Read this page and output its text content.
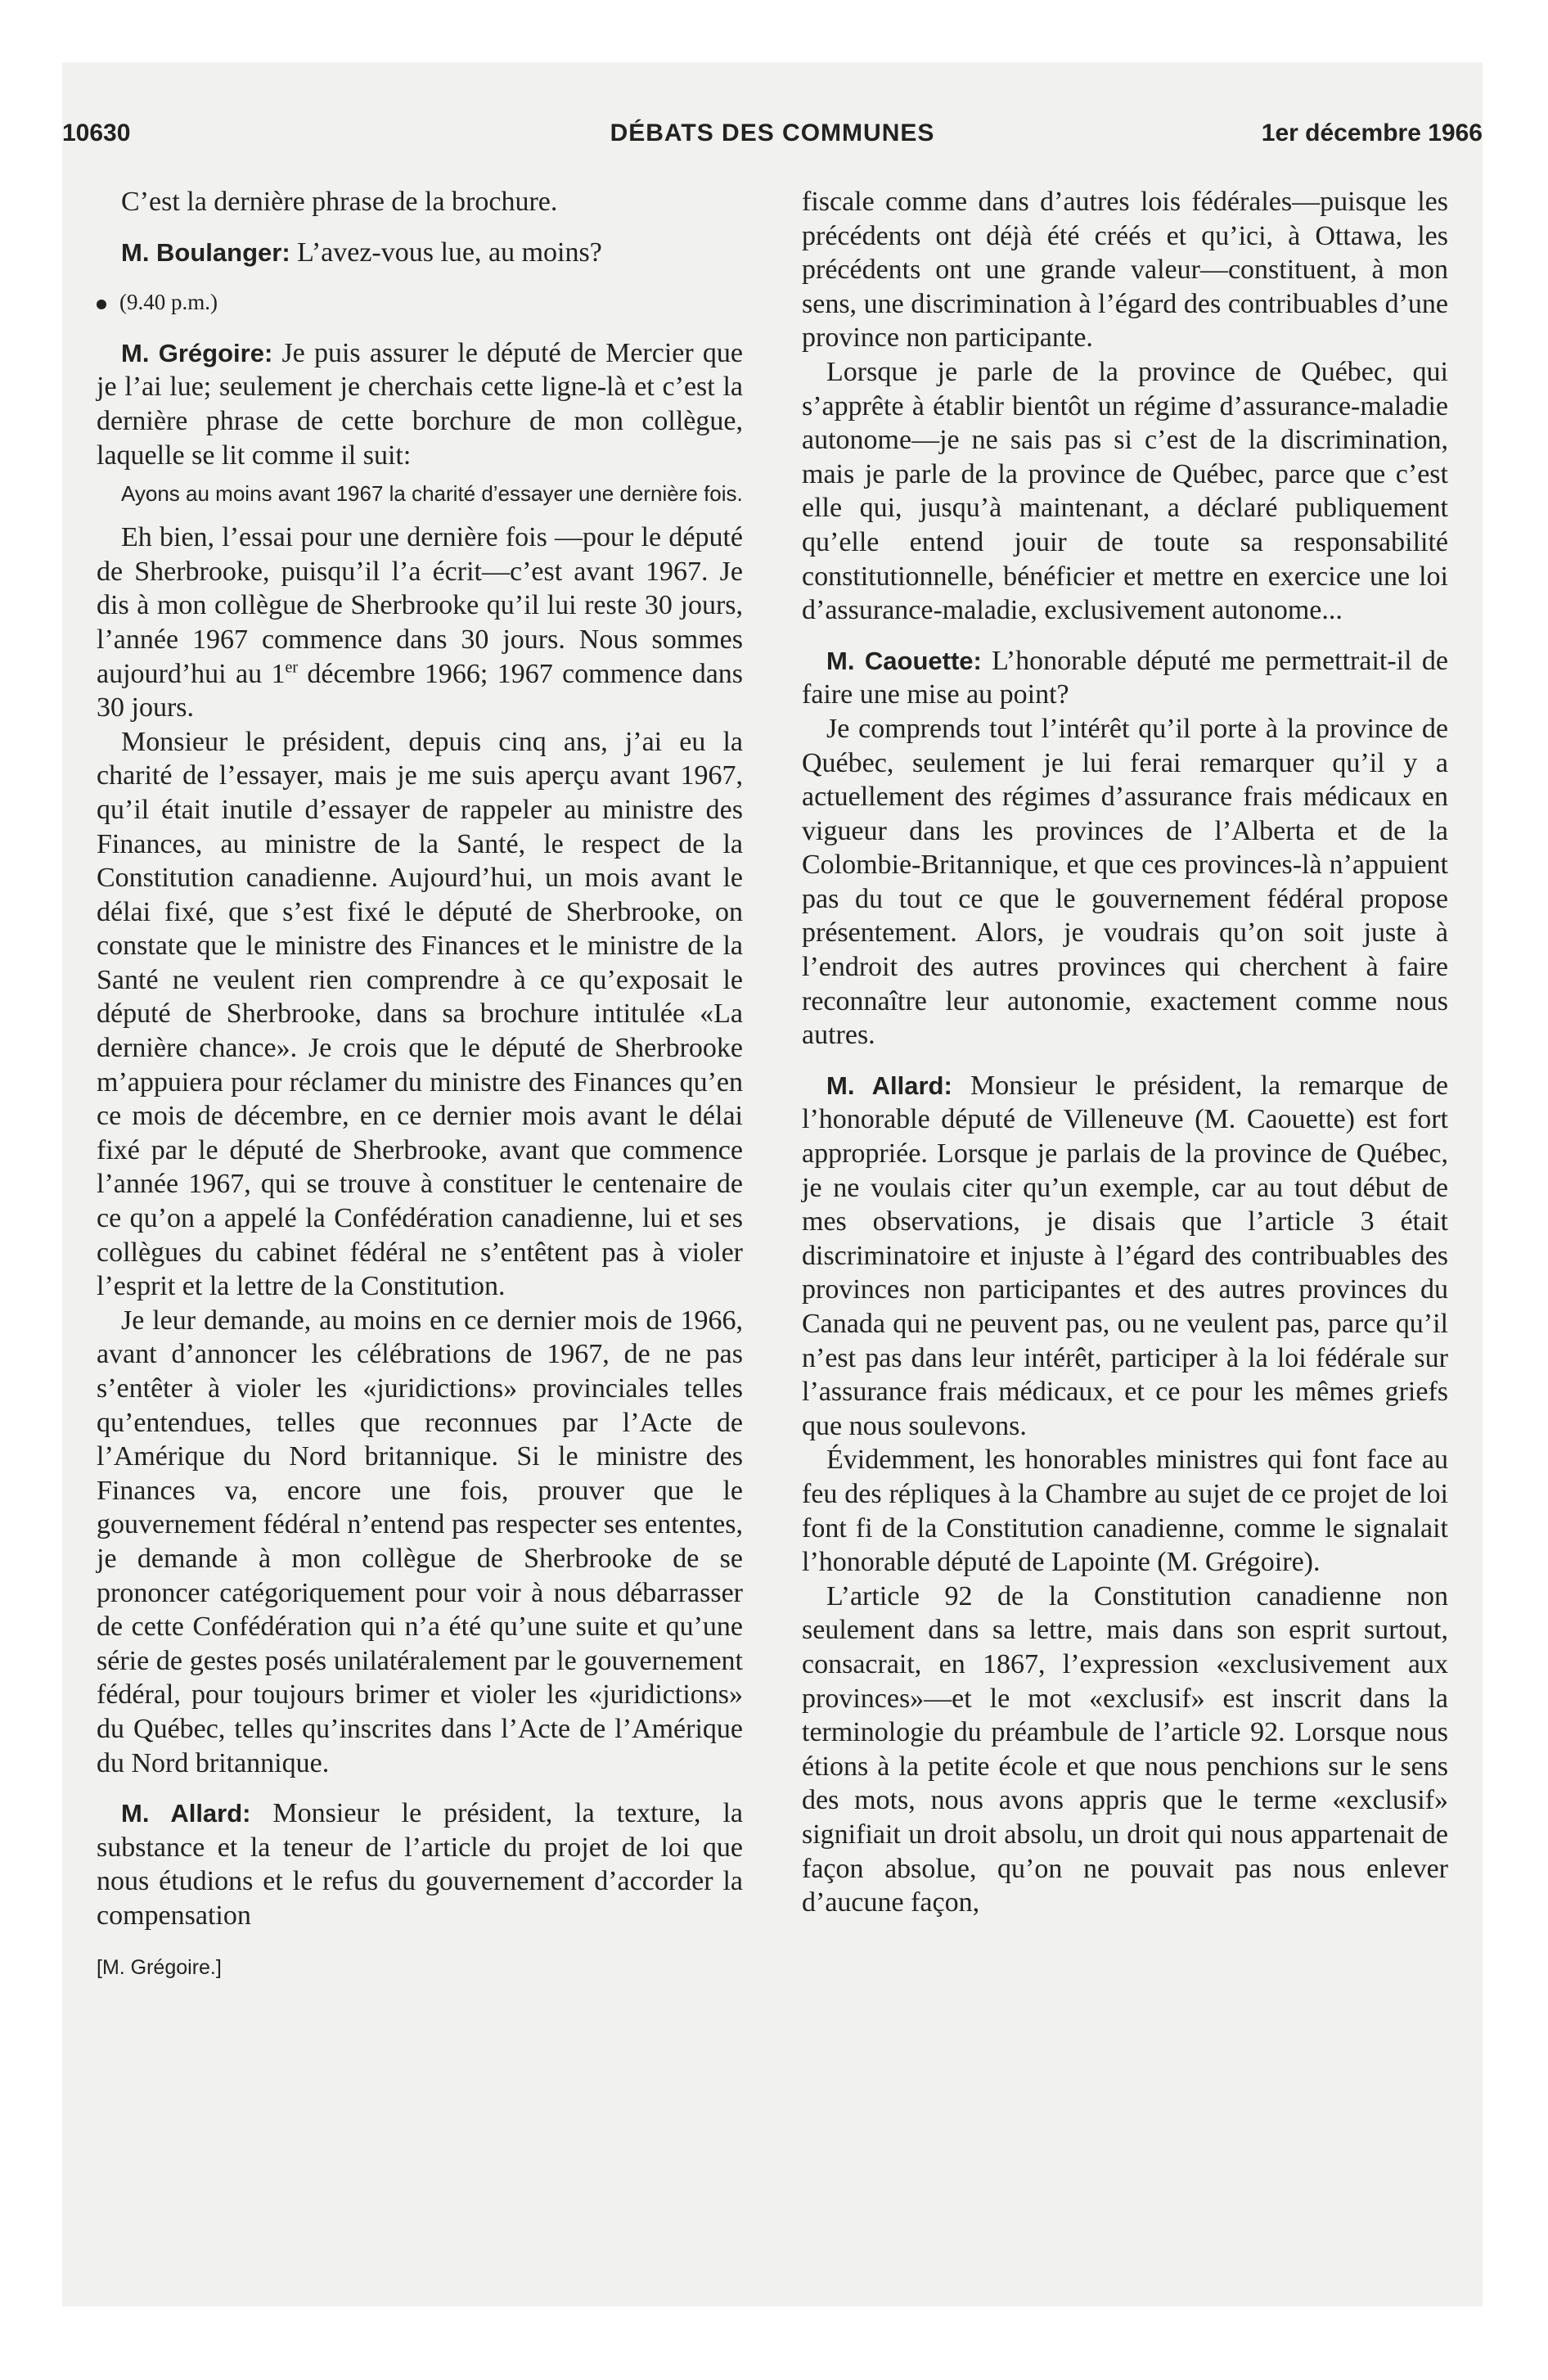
10630	DÉBATS DES COMMUNES	1er décembre 1966

C’est la dernière phrase de la brochure.

M. Boulanger: L’avez-vous lue, au moins?

(9.40 p.m.)

M. Grégoire: Je puis assurer le député de Mercier que je l’ai lue; seulement je cherchais cette ligne-là et c’est la dernière phrase de cette borchure de mon collègue, laquelle se lit comme il suit:

Ayons au moins avant 1967 la charité d’essayer une dernière fois.

Eh bien, l’essai pour une dernière fois —pour le député de Sherbrooke, puisqu’il l’a écrit—c’est avant 1967. Je dis à mon collègue de Sherbrooke qu’il lui reste 30 jours, l’année 1967 commence dans 30 jours. Nous sommes aujourd’hui au 1er décembre 1966; 1967 commence dans 30 jours.

Monsieur le président, depuis cinq ans, j’ai eu la charité de l’essayer, mais je me suis aperçu avant 1967, qu’il était inutile d’essayer de rappeler au ministre des Finances, au ministre de la Santé, le respect de la Constitution canadienne. Aujourd’hui, un mois avant le délai fixé, que s’est fixé le député de Sherbrooke, on constate que le ministre des Finances et le ministre de la Santé ne veulent rien comprendre à ce qu’exposait le député de Sherbrooke, dans sa brochure intitulée «La dernière chance». Je crois que le député de Sherbrooke m’appuiera pour réclamer du ministre des Finances qu’en ce mois de décembre, en ce dernier mois avant le délai fixé par le député de Sherbrooke, avant que commence l’année 1967, qui se trouve à constituer le centenaire de ce qu’on a appelé la Confédération canadienne, lui et ses collègues du cabinet fédéral ne s’entêtent pas à violer l’esprit et la lettre de la Constitution.

Je leur demande, au moins en ce dernier mois de 1966, avant d’annoncer les célébrations de 1967, de ne pas s’entêter à violer les «juridictions» provinciales telles qu’entendues, telles que reconnues par l’Acte de l’Amérique du Nord britannique. Si le ministre des Finances va, encore une fois, prouver que le gouvernement fédéral n’entend pas respecter ses ententes, je demande à mon collègue de Sherbrooke de se prononcer catégoriquement pour voir à nous débarrasser de cette Confédération qui n’a été qu’une suite et qu’une série de gestes posés unilatéralement par le gouvernement fédéral, pour toujours brimer et violer les «juridictions» du Québec, telles qu’inscrites dans l’Acte de l’Amérique du Nord britannique.

M. Allard: Monsieur le président, la texture, la substance et la teneur de l’article du projet de loi que nous étudions et le refus du gouvernement d’accorder la compensation

[M. Grégoire.]

fiscale comme dans d’autres lois fédérales—puisque les précédents ont déjà été créés et qu’ici, à Ottawa, les précédents ont une grande valeur—constituent, à mon sens, une discrimination à l’égard des contribuables d’une province non participante.

Lorsque je parle de la province de Québec, qui s’apprête à établir bientôt un régime d’assurance-maladie autonome—je ne sais pas si c’est de la discrimination, mais je parle de la province de Québec, parce que c’est elle qui, jusqu’à maintenant, a déclaré publiquement qu’elle entend jouir de toute sa responsabilité constitutionnelle, bénéficier et mettre en exercice une loi d’assurance-maladie, exclusivement autonome...

M. Caouette: L’honorable député me permettrait-il de faire une mise au point?

Je comprends tout l’intérêt qu’il porte à la province de Québec, seulement je lui ferai remarquer qu’il y a actuellement des régimes d’assurance frais médicaux en vigueur dans les provinces de l’Alberta et de la Colombie-Britannique, et que ces provinces-là n’appuient pas du tout ce que le gouvernement fédéral propose présentement. Alors, je voudrais qu’on soit juste à l’endroit des autres provinces qui cherchent à faire reconnaître leur autonomie, exactement comme nous autres.

M. Allard: Monsieur le président, la remarque de l’honorable député de Villeneuve (M. Caouette) est fort appropriée. Lorsque je parlais de la province de Québec, je ne voulais citer qu’un exemple, car au tout début de mes observations, je disais que l’article 3 était discriminatoire et injuste à l’égard des contribuables des provinces non participantes et des autres provinces du Canada qui ne peuvent pas, ou ne veulent pas, parce qu’il n’est pas dans leur intérêt, participer à la loi fédérale sur l’assurance frais médicaux, et ce pour les mêmes griefs que nous soulevons.

Évidemment, les honorables ministres qui font face au feu des répliques à la Chambre au sujet de ce projet de loi font fi de la Constitution canadienne, comme le signalait l’honorable député de Lapointe (M. Grégoire).

L’article 92 de la Constitution canadienne non seulement dans sa lettre, mais dans son esprit surtout, consacrait, en 1867, l’expression «exclusivement aux provinces»—et le mot «exclusif» est inscrit dans la terminologie du préambule de l’article 92. Lorsque nous étions à la petite école et que nous penchions sur le sens des mots, nous avons appris que le terme «exclusif» signifiait un droit absolu, un droit qui nous appartenait de façon absolue, qu’on ne pouvait pas nous enlever d’aucune façon,
